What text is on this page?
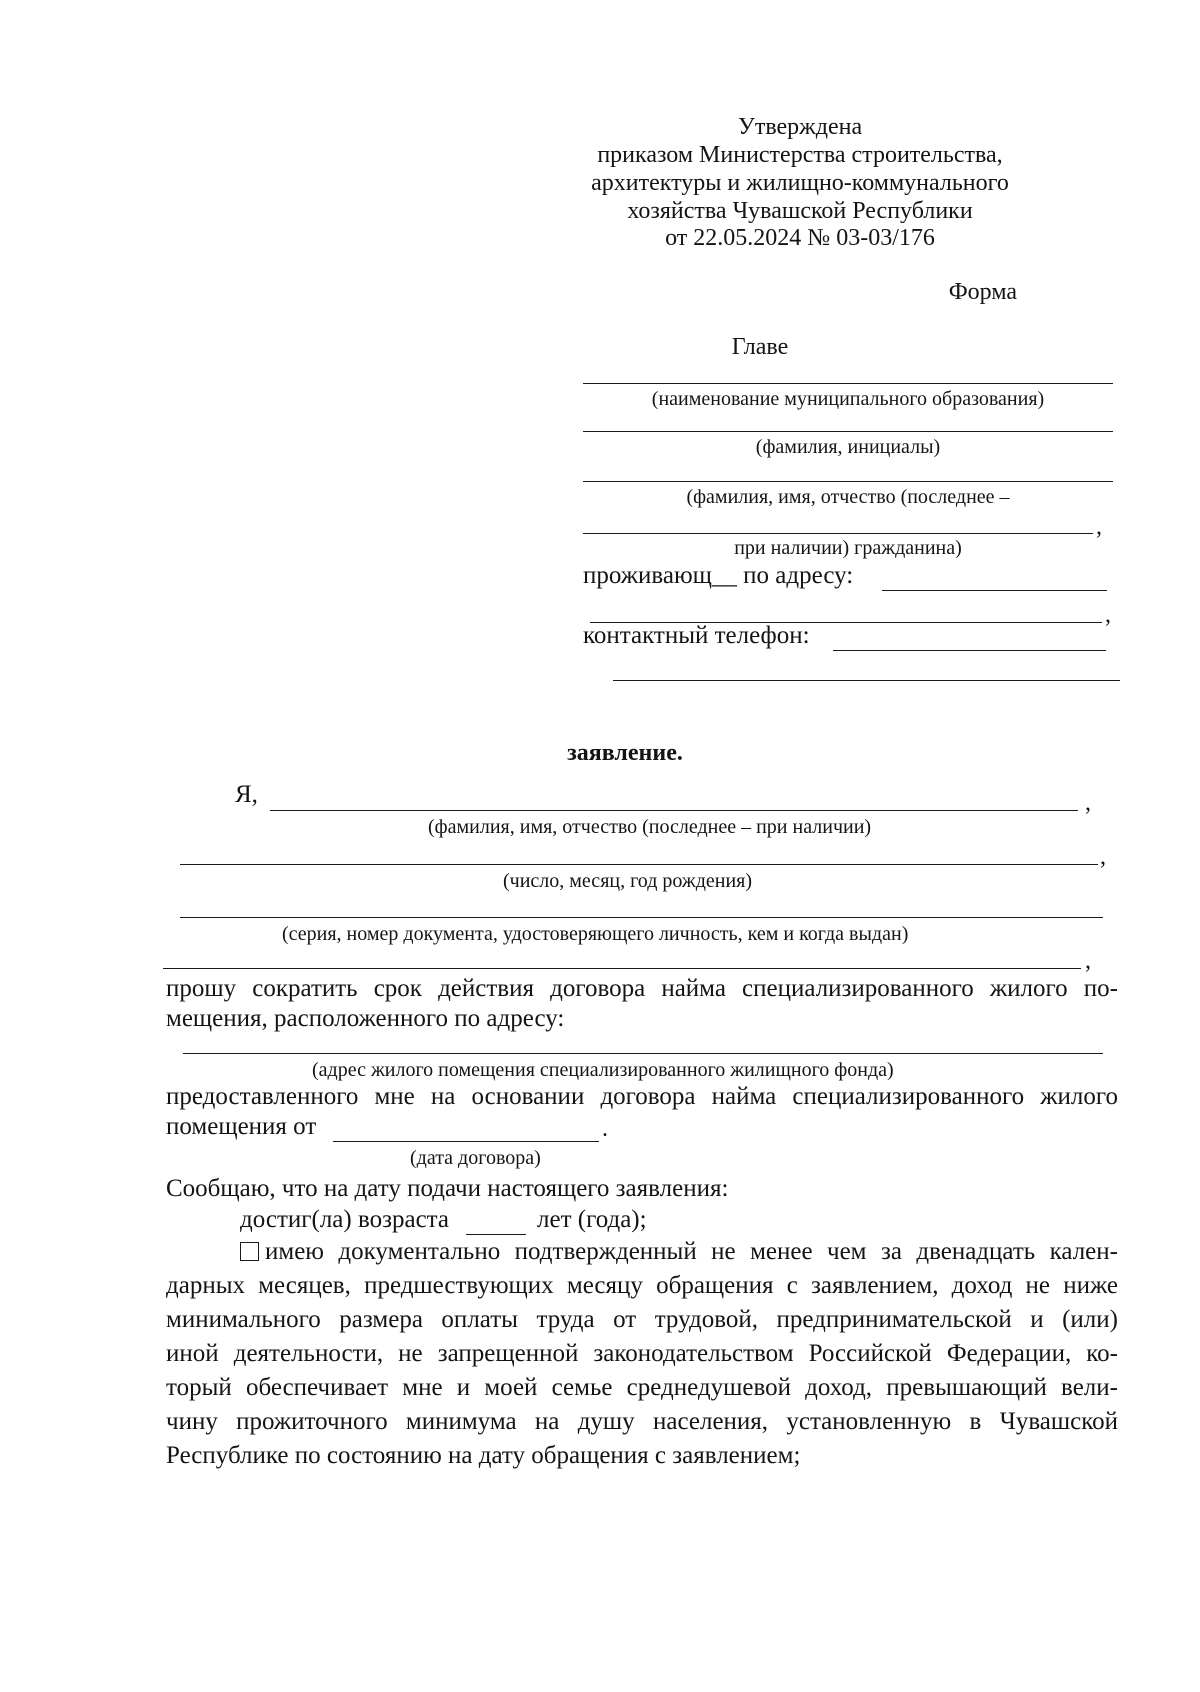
Утверждена
приказом Министерства строительства,
архитектуры и жилищно-коммунального
хозяйства Чувашской Республики
от 22.05.2024 № 03-03/176
Форма
Главе
(наименование муниципального образования)
(фамилия, инициалы)
(фамилия, имя, отчество (последнее –
,
при наличии) гражданина)
проживающ__ по адресу:
,
контактный телефон:
заявление.
Я,	,
(фамилия, имя, отчество (последнее – при наличии)
,
(число, месяц, год рождения)
(серия, номер документа, удостоверяющего личность, кем и когда выдан)
,
прошу сократить срок действия договора найма специализированного жилого по-
мещения, расположенного по адресу:
(адрес жилого помещения специализированного жилищного фонда)
предоставленного мне на основании договора найма специализированного жилого
помещения от	.
(дата договора)
Сообщаю, что на дату подачи настоящего заявления:
достиг(ла) возраста	лет (года);
имею документально подтвержденный не менее чем за двенадцать кален-
дарных месяцев, предшествующих месяцу обращения с заявлением, доход не ниже
минимального размера оплаты труда от трудовой, предпринимательской и (или)
иной деятельности, не запрещенной законодательством Российской Федерации, ко-
торый обеспечивает мне и моей семье среднедушевой доход, превышающий вели-
чину прожиточного минимума на душу населения, установленную в Чувашской
Республике по состоянию на дату обращения с заявлением;
